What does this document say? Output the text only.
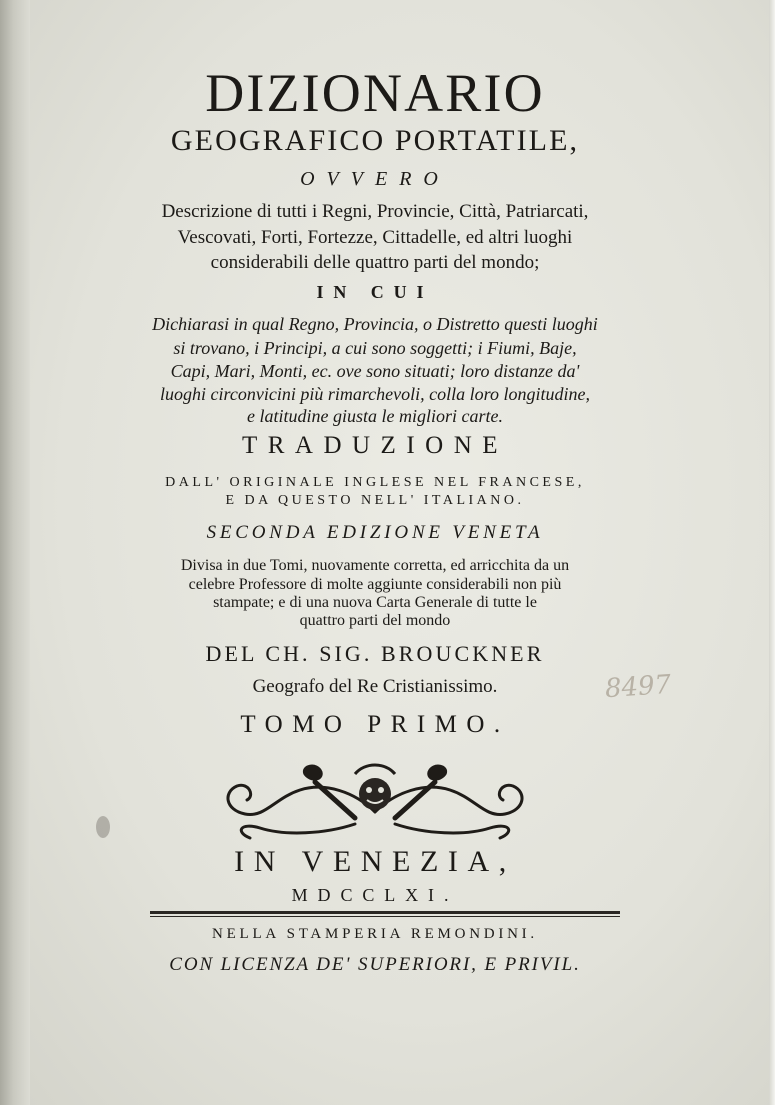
DIZIONARIO
GEOGRAFICO PORTATILE,
OVVERO
Descrizione di tutti i Regni, Provincie, Città, Patriarcati,
Vescovati, Forti, Fortezze, Cittadelle, ed altri luoghi
considerabili delle quattro parti del mondo;
IN CUI
Dichiarasi in qual Regno, Provincia, o Distretto questi luoghi
si trovano, i Principi, a cui sono soggetti; i Fiumi, Baje,
Capi, Mari, Monti, ec. ove sono situati; loro distanze da'
luoghi circonvicini più rimarchevoli, colla loro longitudine,
e latitudine giusta le migliori carte.
TRADUZIONE
DALL' ORIGINALE INGLESE NEL FRANCESE,
E DA QUESTO NELL' ITALIANO.
SECONDA EDIZIONE VENETA
Divisa in due Tomi, nuovamente corretta, ed arricchita da un
celebre Professore di molte aggiunte considerabili non più
stampate; e di una nuova Carta Generale di tutte le
quattro parti del mondo
DEL CH. SIG. BROUCKNER
Geografo del Re Cristianissimo.
TOMO PRIMO.
IN VENEZIA,
MDCCLXI.
NELLA STAMPERIA REMONDINI.
CON LICENZA DE' SUPERIORI, E PRIVIL.
8497
